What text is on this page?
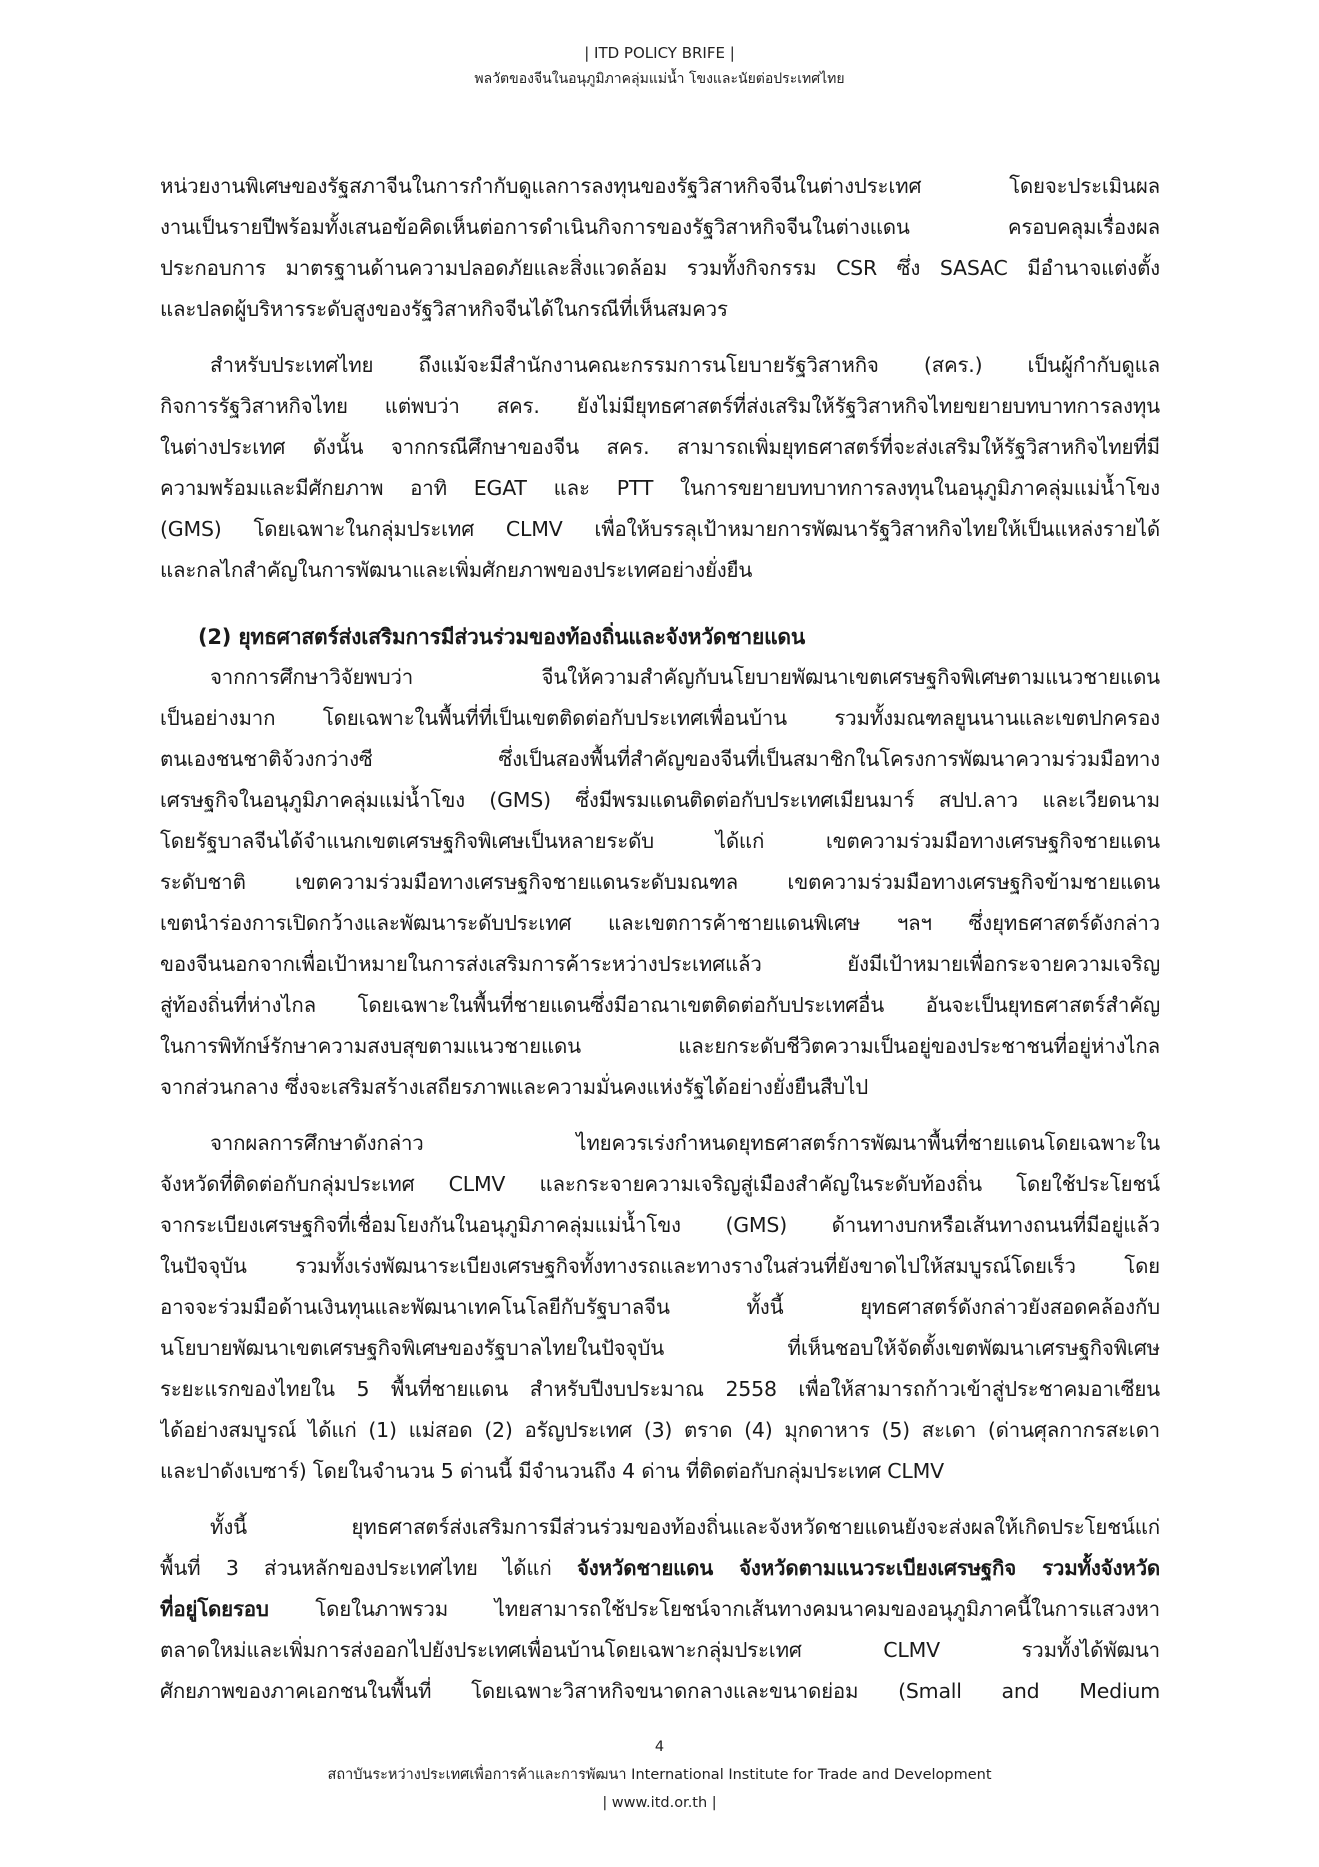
| ITD POLICY BRIFE |
พลวัตของจีนในอนุภูมิภาคลุ่มแม่น้ำ โขงและนัยต่อประเทศไทย

หน่วยงานพิเศษของรัฐสภาจีนในการกำกับดูแลการลงทุนของรัฐวิสาหกิจจีนในต่างประเทศ โดยจะประเมินผล
งานเป็นรายปีพร้อมทั้งเสนอข้อคิดเห็นต่อการดำเนินกิจการของรัฐวิสาหกิจจีนในต่างแดน ครอบคลุมเรื่องผล
ประกอบการ มาตรฐานด้านความปลอดภัยและสิ่งแวดล้อม รวมทั้งกิจกรรม CSR ซึ่ง SASAC มีอำนาจแต่งตั้ง
และปลดผู้บริหารระดับสูงของรัฐวิสาหกิจจีนได้ในกรณีที่เห็นสมควร

สำหรับประเทศไทย ถึงแม้จะมีสำนักงานคณะกรรมการนโยบายรัฐวิสาหกิจ (สคร.) เป็นผู้กำกับดูแล
กิจการรัฐวิสาหกิจไทย แต่พบว่า สคร. ยังไม่มียุทธศาสตร์ที่ส่งเสริมให้รัฐวิสาหกิจไทยขยายบทบาทการลงทุน
ในต่างประเทศ ดังนั้น จากกรณีศึกษาของจีน สคร. สามารถเพิ่มยุทธศาสตร์ที่จะส่งเสริมให้รัฐวิสาหกิจไทยที่มี
ความพร้อมและมีศักยภาพ อาทิ EGAT และ PTT ในการขยายบทบาทการลงทุนในอนุภูมิภาคลุ่มแม่น้ำโขง
(GMS) โดยเฉพาะในกลุ่มประเทศ CLMV เพื่อให้บรรลุเป้าหมายการพัฒนารัฐวิสาหกิจไทยให้เป็นแหล่งรายได้
และกลไกสำคัญในการพัฒนาและเพิ่มศักยภาพของประเทศอย่างยั่งยืน

(2) ยุทธศาสตร์ส่งเสริมการมีส่วนร่วมของท้องถิ่นและจังหวัดชายแดน

จากการศึกษาวิจัยพบว่า จีนให้ความสำคัญกับนโยบายพัฒนาเขตเศรษฐกิจพิเศษตามแนวชายแดน
เป็นอย่างมาก โดยเฉพาะในพื้นที่ที่เป็นเขตติดต่อกับประเทศเพื่อนบ้าน รวมทั้งมณฑลยูนนานและเขตปกครอง
ตนเองชนชาติจ้วงกว่างซี ซึ่งเป็นสองพื้นที่สำคัญของจีนที่เป็นสมาชิกในโครงการพัฒนาความร่วมมือทาง
เศรษฐกิจในอนุภูมิภาคลุ่มแม่น้ำโขง (GMS) ซึ่งมีพรมแดนติดต่อกับประเทศเมียนมาร์ สปป.ลาว และเวียดนาม
โดยรัฐบาลจีนได้จำแนกเขตเศรษฐกิจพิเศษเป็นหลายระดับ ได้แก่ เขตความร่วมมือทางเศรษฐกิจชายแดน
ระดับชาติ เขตความร่วมมือทางเศรษฐกิจชายแดนระดับมณฑล เขตความร่วมมือทางเศรษฐกิจข้ามชายแดน
เขตนำร่องการเปิดกว้างและพัฒนาระดับประเทศ และเขตการค้าชายแดนพิเศษ ฯลฯ ซึ่งยุทธศาสตร์ดังกล่าว
ของจีนนอกจากเพื่อเป้าหมายในการส่งเสริมการค้าระหว่างประเทศแล้ว ยังมีเป้าหมายเพื่อกระจายความเจริญ
สู่ท้องถิ่นที่ห่างไกล โดยเฉพาะในพื้นที่ชายแดนซึ่งมีอาณาเขตติดต่อกับประเทศอื่น อันจะเป็นยุทธศาสตร์สำคัญ
ในการพิทักษ์รักษาความสงบสุขตามแนวชายแดน และยกระดับชีวิตความเป็นอยู่ของประชาชนที่อยู่ห่างไกล
จากส่วนกลาง ซึ่งจะเสริมสร้างเสถียรภาพและความมั่นคงแห่งรัฐได้อย่างยั่งยืนสืบไป

จากผลการศึกษาดังกล่าว ไทยควรเร่งกำหนดยุทธศาสตร์การพัฒนาพื้นที่ชายแดนโดยเฉพาะใน
จังหวัดที่ติดต่อกับกลุ่มประเทศ CLMV และกระจายความเจริญสู่เมืองสำคัญในระดับท้องถิ่น โดยใช้ประโยชน์
จากระเบียงเศรษฐกิจที่เชื่อมโยงกันในอนุภูมิภาคลุ่มแม่น้ำโขง (GMS) ด้านทางบกหรือเส้นทางถนนที่มีอยู่แล้ว
ในปัจจุบัน รวมทั้งเร่งพัฒนาระเบียงเศรษฐกิจทั้งทางรถและทางรางในส่วนที่ยังขาดไปให้สมบูรณ์โดยเร็ว โดย
อาจจะร่วมมือด้านเงินทุนและพัฒนาเทคโนโลยีกับรัฐบาลจีน ทั้งนี้ ยุทธศาสตร์ดังกล่าวยังสอดคล้องกับ
นโยบายพัฒนาเขตเศรษฐกิจพิเศษของรัฐบาลไทยในปัจจุบัน ที่เห็นชอบให้จัดตั้งเขตพัฒนาเศรษฐกิจพิเศษ
ระยะแรกของไทยใน 5 พื้นที่ชายแดน สำหรับปีงบประมาณ 2558 เพื่อให้สามารถก้าวเข้าสู่ประชาคมอาเซียน
ได้อย่างสมบูรณ์ ได้แก่ (1) แม่สอด (2) อรัญประเทศ (3) ตราด (4) มุกดาหาร (5) สะเดา (ด่านศุลกากรสะเดา
และปาดังเบซาร์) โดยในจำนวน 5 ด่านนี้ มีจำนวนถึง 4 ด่าน ที่ติดต่อกับกลุ่มประเทศ CLMV

ทั้งนี้ ยุทธศาสตร์ส่งเสริมการมีส่วนร่วมของท้องถิ่นและจังหวัดชายแดนยังจะส่งผลให้เกิดประโยชน์แก่
พื้นที่ 3 ส่วนหลักของประเทศไทย ได้แก่ จังหวัดชายแดน จังหวัดตามแนวระเบียงเศรษฐกิจ รวมทั้งจังหวัด
ที่อยู่โดยรอบ โดยในภาพรวม ไทยสามารถใช้ประโยชน์จากเส้นทางคมนาคมของอนุภูมิภาคนี้ในการแสวงหา
ตลาดใหม่และเพิ่มการส่งออกไปยังประเทศเพื่อนบ้านโดยเฉพาะกลุ่มประเทศ CLMV รวมทั้งได้พัฒนา
ศักยภาพของภาคเอกชนในพื้นที่ โดยเฉพาะวิสาหกิจขนาดกลางและขนาดย่อม (Small and Medium

4
สถาบันระหว่างประเทศเพื่อการค้าและการพัฒนา International Institute for Trade and Development
| www.itd.or.th |
